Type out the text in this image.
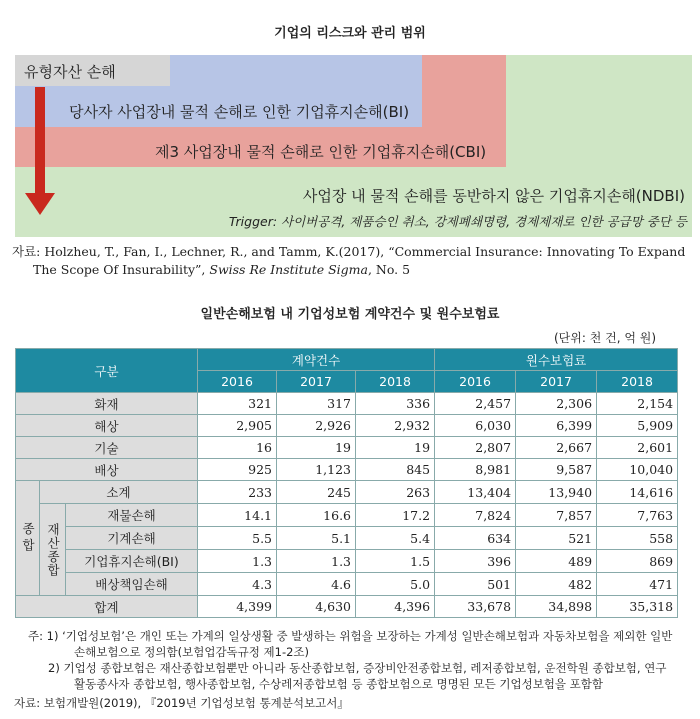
기업의 리스크와 관리 범위
유형자산 손해
당사자 사업장내 물적 손해로 인한 기업휴지손해(BI)
제3 사업장내 물적 손해로 인한 기업휴지손해(CBI)
사업장 내 물적 손해를 동반하지 않은 기업휴지손해(NDBI)
Trigger: 사이버공격, 제품승인 취소, 강제폐쇄명령, 경제제재로 인한 공급망 중단 등
자료: Holzheu, T., Fan, I., Lechner, R., and Tamm, K.(2017), “Commercial Insurance: Innovating To Expand
The Scope Of Insurability”, Swiss Re Institute Sigma, No. 5
일반손해보험 내 기업성보험 계약건수 및 원수보험료
(단위: 천 건, 억 원)
구분			계약건수			원수보험료		
			2016	2017	2018	2016	2017	2018
화재			321	317	336	2,457	2,306	2,154
해상			2,905	2,926	2,932	6,030	6,399	5,909
기술			16	19	19	2,807	2,667	2,601
배상			925	1,123	845	8,981	9,587	10,040
종합	소계		233	245	263	13,404	13,940	14,616
	재산종합	재물손해	14.1	16.6	17.2	7,824	7,857	7,763
		기계손해	5.5	5.1	5.4	634	521	558
		기업휴지손해(BI)	1.3	1.3	1.5	396	489	869
		배상책임손해	4.3	4.6	5.0	501	482	471
합계			4,399	4,630	4,396	33,678	34,898	35,318
주: 1) ‘기업성보험’은 개인 또는 가계의 일상생활 중 발생하는 위험을 보장하는 가계성 일반손해보험과 자동차보험을 제외한 일반
손해보험으로 정의함(보험업감독규정 제1-2조)
2) 기업성 종합보험은 재산종합보험뿐만 아니라 동산종합보험, 증장비안전종합보험, 레저종합보험, 운전학원 종합보험, 연구
활동종사자 종합보험, 행사종합보험, 수상레저종합보험 등 종합보험으로 명명된 모든 기업성보험을 포함함
자료: 보험개발원(2019), 『2019년 기업성보험 통계분석보고서』
